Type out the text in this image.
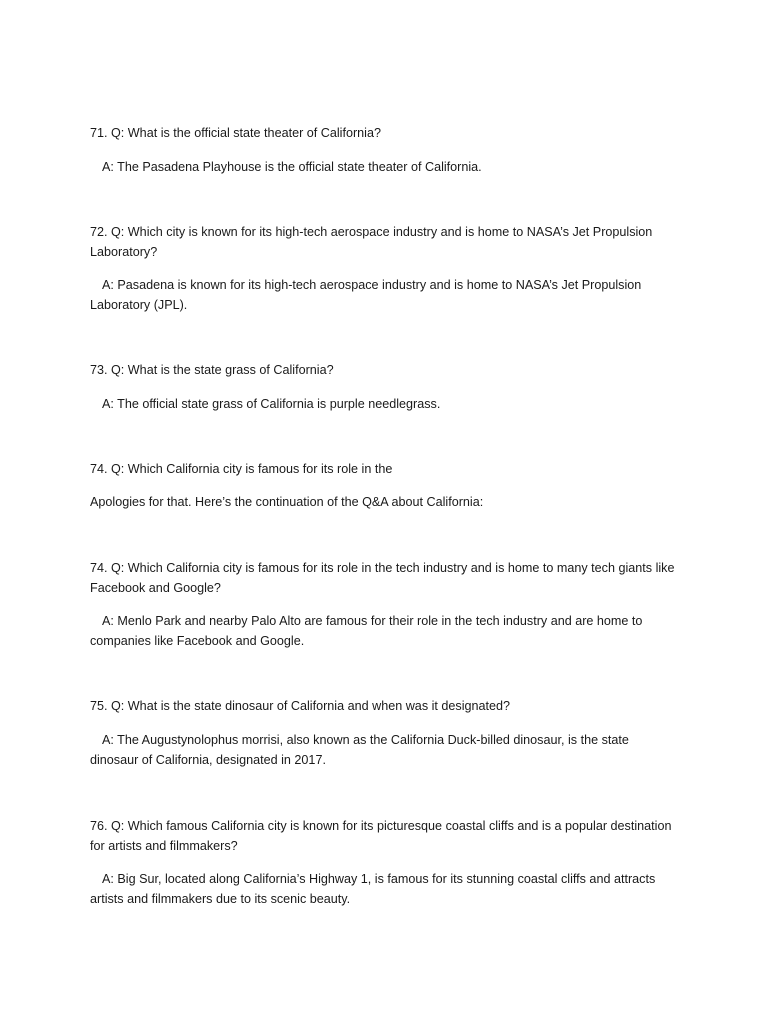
71. Q: What is the official state theater of California?

A: The Pasadena Playhouse is the official state theater of California.

72. Q: Which city is known for its high-tech aerospace industry and is home to NASA’s Jet Propulsion Laboratory?

A: Pasadena is known for its high-tech aerospace industry and is home to NASA’s Jet Propulsion Laboratory (JPL).

73. Q: What is the state grass of California?

A: The official state grass of California is purple needlegrass.

74. Q: Which California city is famous for its role in the

Apologies for that. Here’s the continuation of the Q&A about California:

74. Q: Which California city is famous for its role in the tech industry and is home to many tech giants like Facebook and Google?

A: Menlo Park and nearby Palo Alto are famous for their role in the tech industry and are home to companies like Facebook and Google.

75. Q: What is the state dinosaur of California and when was it designated?

A: The Augustynolophus morrisi, also known as the California Duck-billed dinosaur, is the state dinosaur of California, designated in 2017.

76. Q: Which famous California city is known for its picturesque coastal cliffs and is a popular destination for artists and filmmakers?

A: Big Sur, located along California’s Highway 1, is famous for its stunning coastal cliffs and attracts artists and filmmakers due to its scenic beauty.
